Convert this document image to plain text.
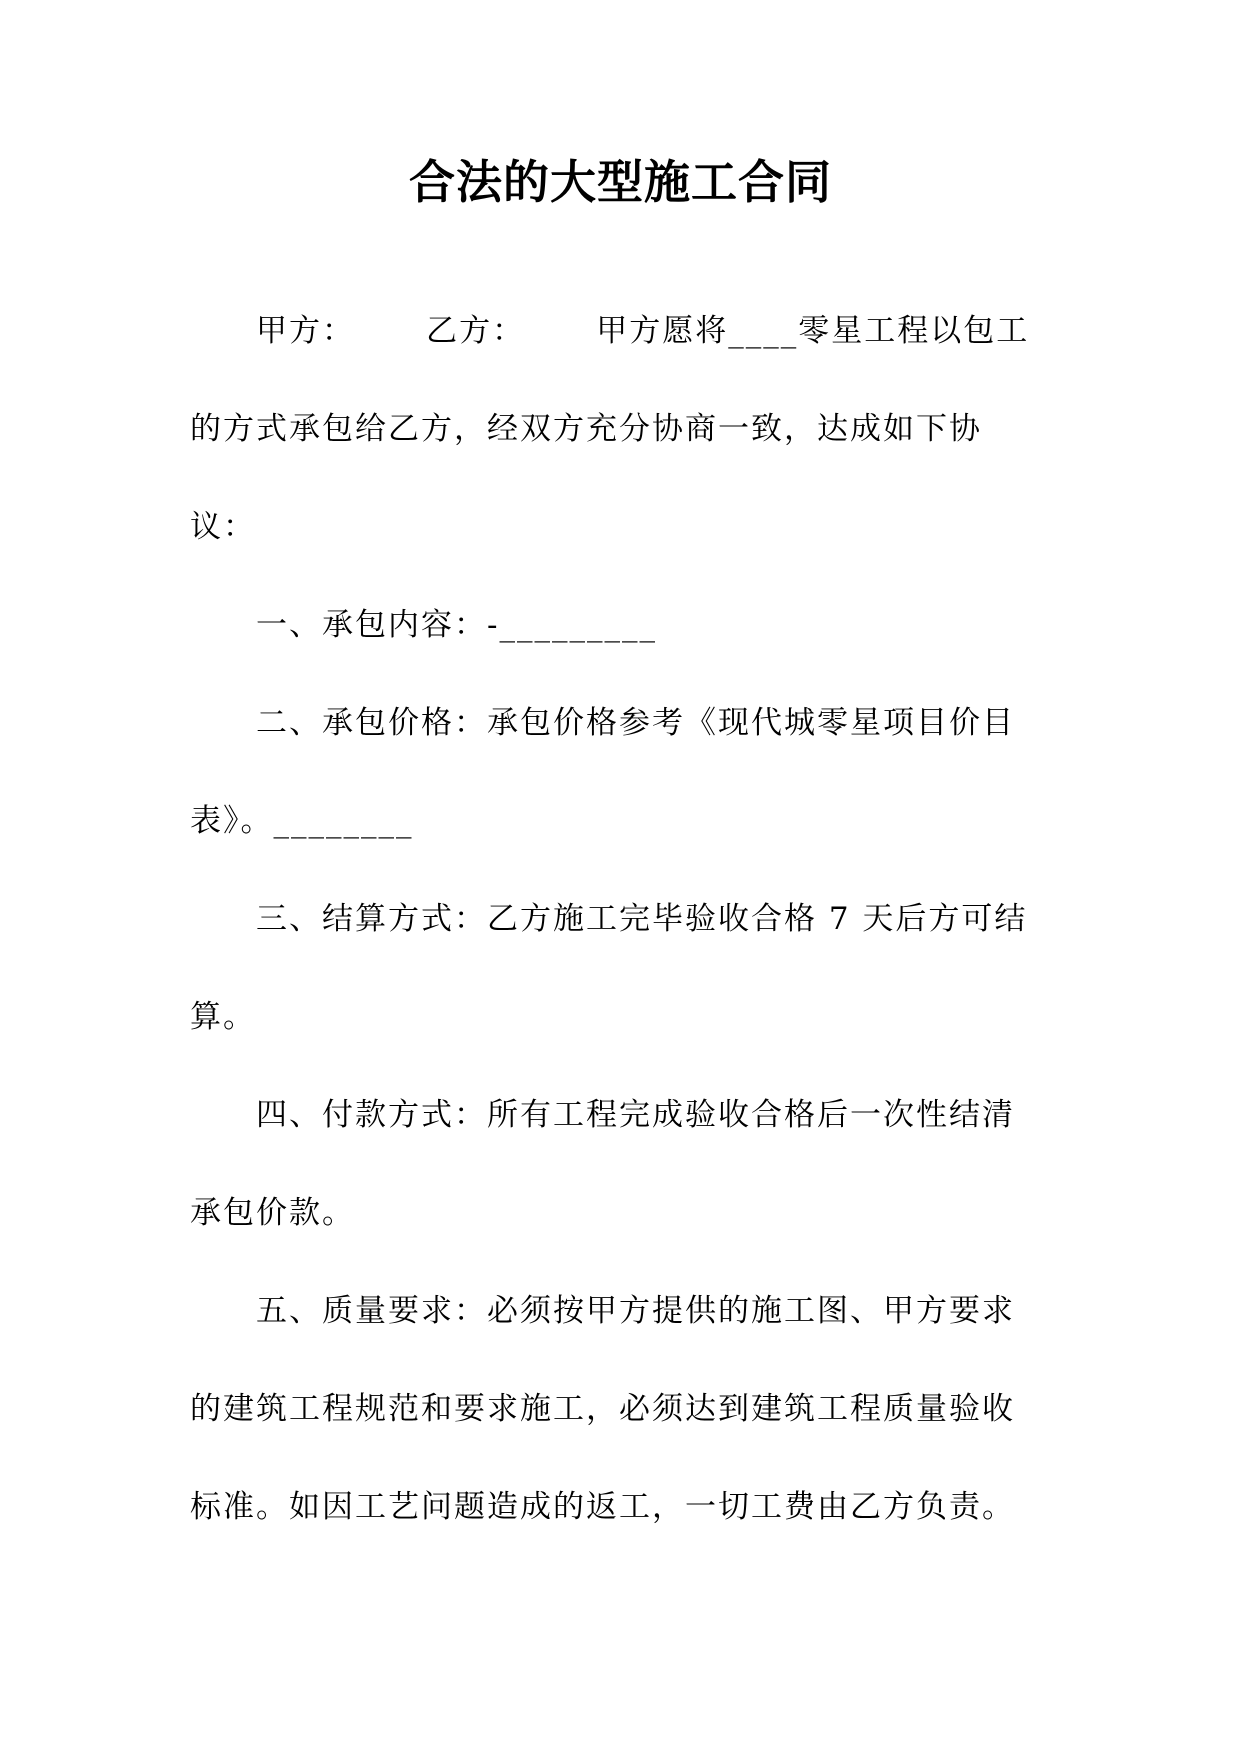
合法的大型施工合同
甲方：      乙方：      甲方愿将____零星工程以包工
的方式承包给乙方，经双方充分协商一致，达成如下协
议：
一、承包内容：-_________
二、承包价格：承包价格参考《现代城零星项目价目
表》。________
三、结算方式：乙方施工完毕验收合格 7 天后方可结
算。
四、付款方式：所有工程完成验收合格后一次性结清
承包价款。
五、质量要求：必须按甲方提供的施工图、甲方要求
的建筑工程规范和要求施工，必须达到建筑工程质量验收
标准。如因工艺问题造成的返工，一切工费由乙方负责。
